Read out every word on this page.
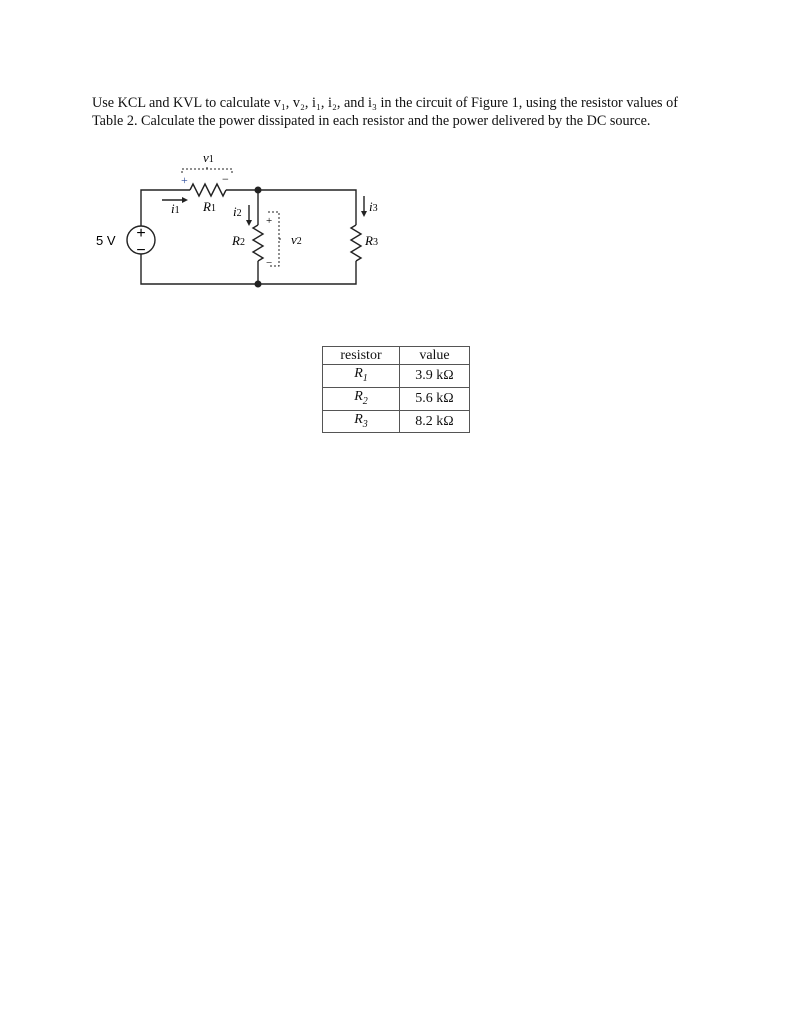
Use KCL and KVL to calculate v₁, v₂, i₁, i₂, and i₃ in the circuit of Figure 1, using the resistor values of Table 2. Calculate the power dissipated in each resistor and the power delivered by the DC source.
+
−
5 V
v1
+	−
i1 R1 i2
R2
+
−
v2
i3
R3
resistor	value
$R_1$	3.9 kΩ
$R_2$	5.6 kΩ
$R_3$	8.2 kΩ
